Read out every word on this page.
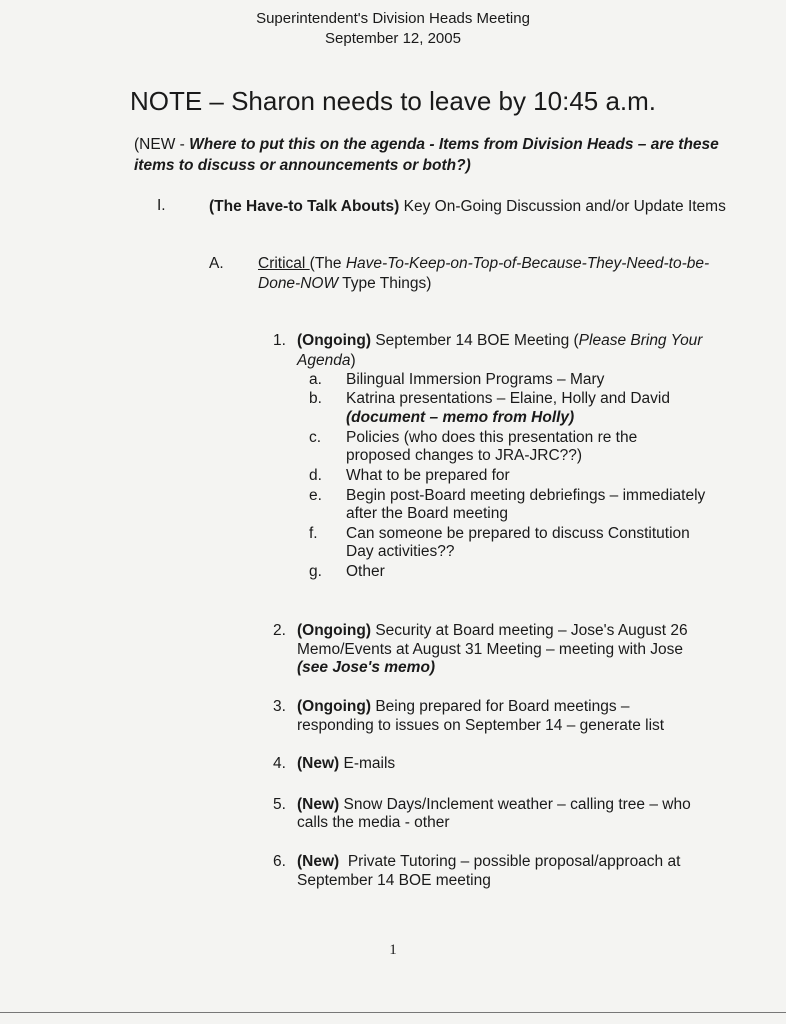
Superintendent's Division Heads Meeting
September 12, 2005
NOTE – Sharon needs to leave by 10:45 a.m.
(NEW - Where to put this on the agenda - Items from Division Heads – are these items to discuss or announcements or both?)
I.	(The Have-to Talk Abouts) Key On-Going Discussion and/or Update Items
A. Critical (The Have-To-Keep-on-Top-of-Because-They-Need-to-be-Done-NOW Type Things)
1. (Ongoing) September 14 BOE Meeting (Please Bring Your Agenda)
a. Bilingual Immersion Programs – Mary
b. Katrina presentations – Elaine, Holly and David
(document – memo from Holly)
c. Policies (who does this presentation re the
proposed changes to JRA-JRC??)
d. What to be prepared for
e. Begin post-Board meeting debriefings – immediately
after the Board meeting
f. Can someone be prepared to discuss Constitution
Day activities??
g. Other
2. (Ongoing) Security at Board meeting – Jose's August 26
Memo/Events at August 31 Meeting – meeting with Jose
(see Jose's memo)
3. (Ongoing) Being prepared for Board meetings –
responding to issues on September 14 – generate list
4. (New) E-mails
5. (New) Snow Days/Inclement weather – calling tree – who
calls the media - other
6. (New)  Private Tutoring – possible proposal/approach at
September 14 BOE meeting
1
